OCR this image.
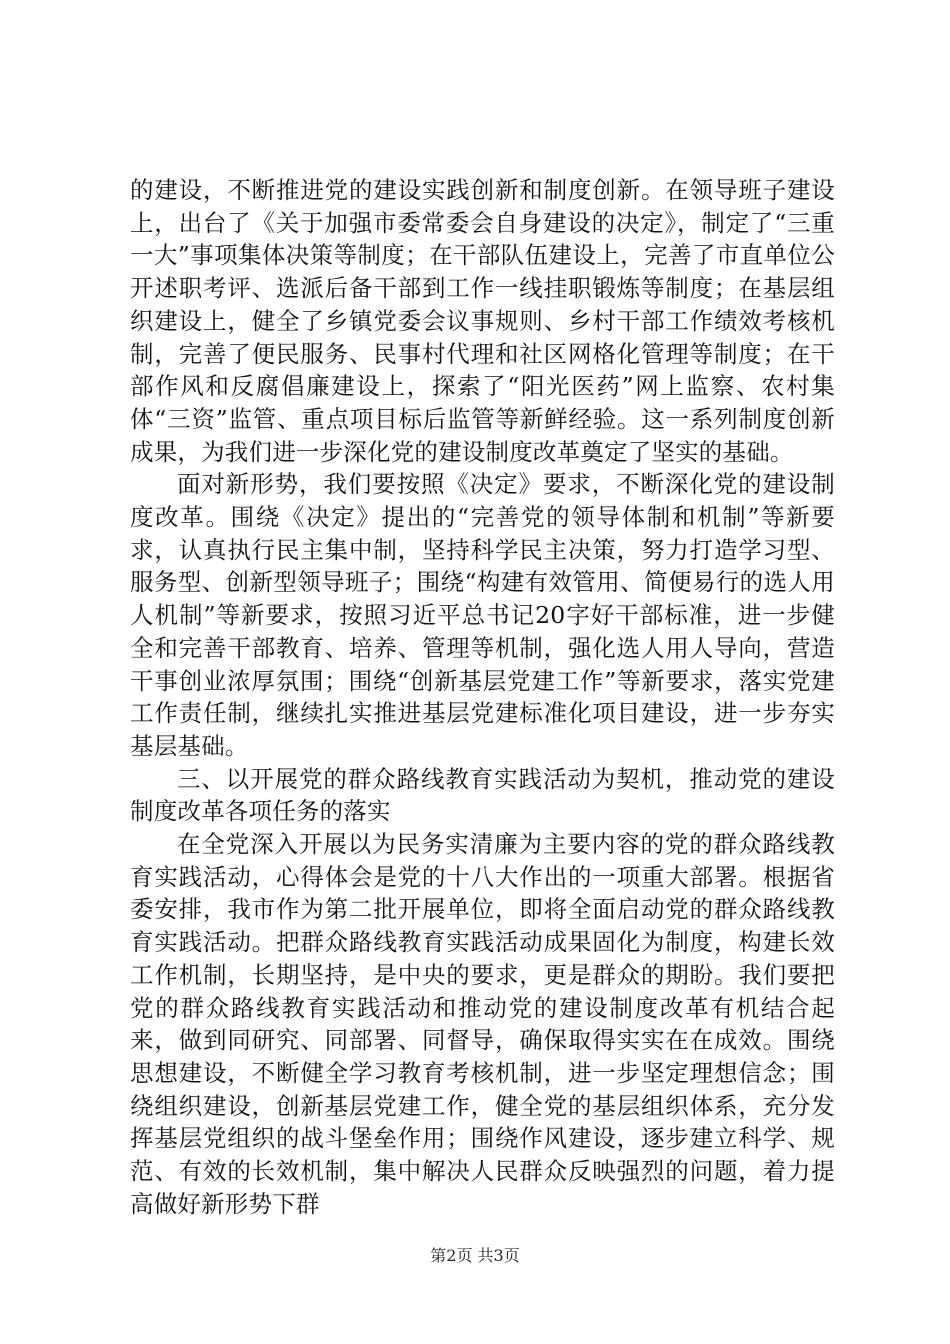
的建设，不断推进党的建设实践创新和制度创新。在领导班子建设上，出台了《关于加强市委常委会自身建设的决定》，制定了“三重一大”事项集体决策等制度；在干部队伍建设上，完善了市直单位公开述职考评、选派后备干部到工作一线挂职锻炼等制度；在基层组织建设上，健全了乡镇党委会议事规则、乡村干部工作绩效考核机制，完善了便民服务、民事村代理和社区网格化管理等制度；在干部作风和反腐倡廉建设上，探索了“阳光医药”网上监察、农村集体“三资”监管、重点项目标后监管等新鲜经验。这一系列制度创新成果，为我们进一步深化党的建设制度改革奠定了坚实的基础。

面对新形势，我们要按照《决定》要求，不断深化党的建设制度改革。围绕《决定》提出的“完善党的领导体制和机制”等新要求，认真执行民主集中制，坚持科学民主决策，努力打造学习型、服务型、创新型领导班子；围绕“构建有效管用、简便易行的选人用人机制”等新要求，按照习近平总书记20字好干部标准，进一步健全和完善干部教育、培养、管理等机制，强化选人用人导向，营造干事创业浓厚氛围；围绕“创新基层党建工作”等新要求，落实党建工作责任制，继续扎实推进基层党建标准化项目建设，进一步夯实基层基础。

三、以开展党的群众路线教育实践活动为契机，推动党的建设制度改革各项任务的落实

在全党深入开展以为民务实清廉为主要内容的党的群众路线教育实践活动，心得体会是党的十八大作出的一项重大部署。根据省委安排，我市作为第二批开展单位，即将全面启动党的群众路线教育实践活动。把群众路线教育实践活动成果固化为制度，构建长效工作机制，长期坚持，是中央的要求，更是群众的期盼。我们要把党的群众路线教育实践活动和推动党的建设制度改革有机结合起来，做到同研究、同部署、同督导，确保取得实实在在成效。围绕思想建设，不断健全学习教育考核机制，进一步坚定理想信念；围绕组织建设，创新基层党建工作，健全党的基层组织体系，充分发挥基层党组织的战斗堡垒作用；围绕作风建设，逐步建立科学、规范、有效的长效机制，集中解决人民群众反映强烈的问题，着力提高做好新形势下群

第2页 共3页
